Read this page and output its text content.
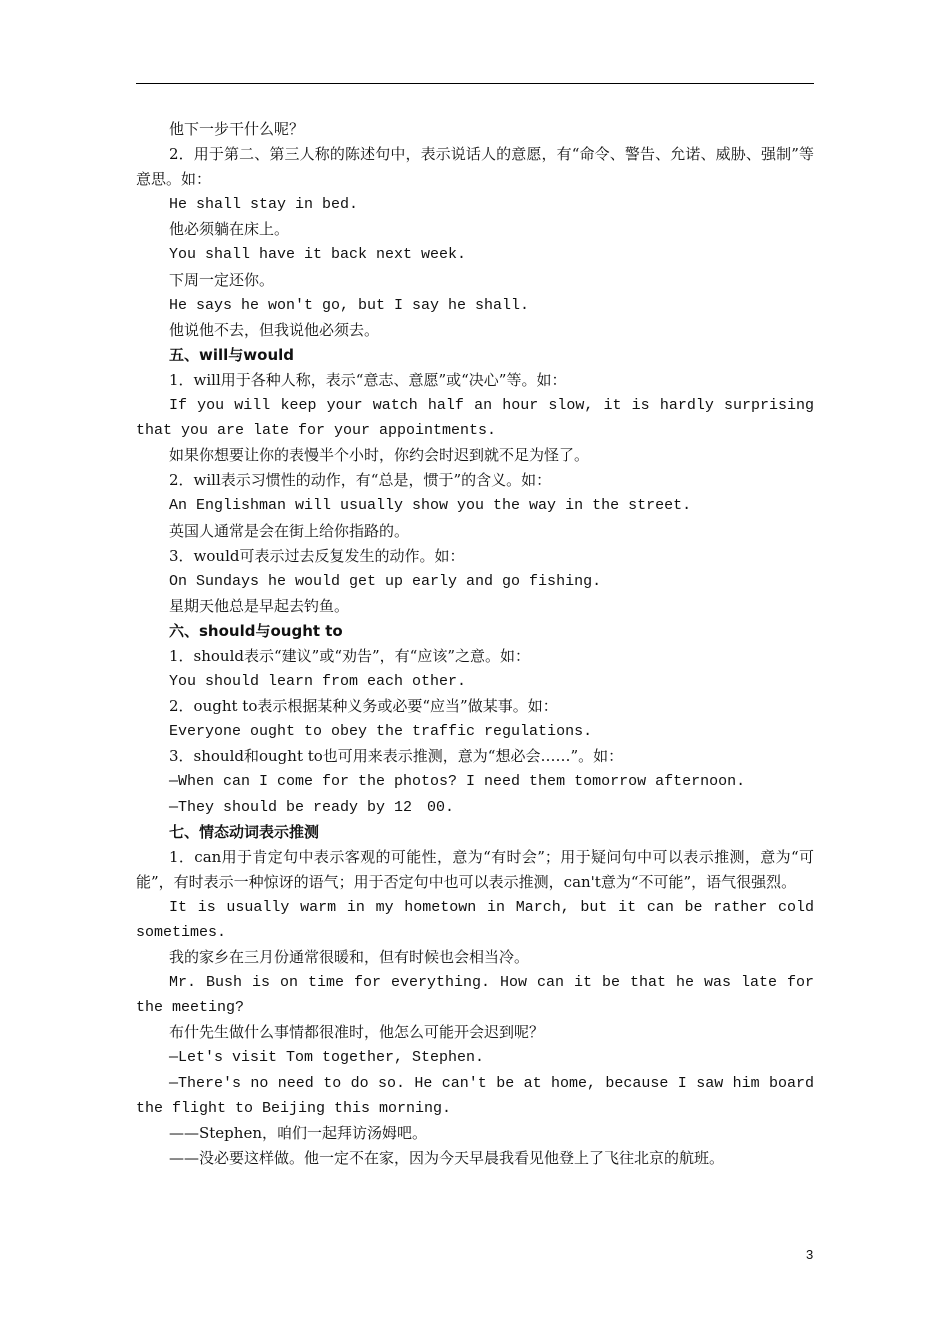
他下一步干什么呢？

2．用于第二、第三人称的陈述句中，表示说话人的意愿，有“命令、警告、允诺、威胁、强制”等意思。如：

He shall stay in bed.

他必须躺在床上。

You shall have it back next week.

下周一定还你。

He says he won't go, but I say he shall.

他说他不去，但我说他必须去。

五、will与would

1．will用于各种人称，表示“意志、意愿”或“决心”等。如：

If you will keep your watch half an hour slow, it is hardly surprising that you are late for your appointments.

如果你想要让你的表慢半个小时，你约会时迟到就不足为怪了。

2．will表示习惯性的动作，有“总是，惯于”的含义。如：

An Englishman will usually show you the way in the street.

英国人通常是会在街上给你指路的。

3．would可表示过去反复发生的动作。如：

On Sundays he would get up early and go fishing.

星期天他总是早起去钓鱼。

六、should与ought to

1．should表示“建议”或“劝告”，有“应该”之意。如：

You should learn from each other.

2．ought to表示根据某种义务或必要“应当”做某事。如：

Everyone ought to obey the traffic regulations.

3．should和ought to也可用来表示推测，意为“想必会……”。如：

—When can I come for the photos? I need them tomorrow afternoon.

—They should be ready by 12　00.

七、情态动词表示推测

1．can用于肯定句中表示客观的可能性，意为“有时会”；用于疑问句中可以表示推测，意为“可能”，有时表示一种惊讶的语气；用于否定句中也可以表示推测，can't意为“不可能”，语气很强烈。

It is usually warm in my hometown in March, but it can be rather cold sometimes.

我的家乡在三月份通常很暖和，但有时候也会相当冷。

Mr. Bush is on time for everything. How can it be that he was late for the meeting?

布什先生做什么事情都很准时，他怎么可能开会迟到呢？

—Let's visit Tom together, Stephen.

—There's no need to do so. He can't be at home, because I saw him board the flight to Beijing this morning.

——Stephen，咱们一起拜访汤姆吧。

——没必要这样做。他一定不在家，因为今天早晨我看见他登上了飞往北京的航班。

3
